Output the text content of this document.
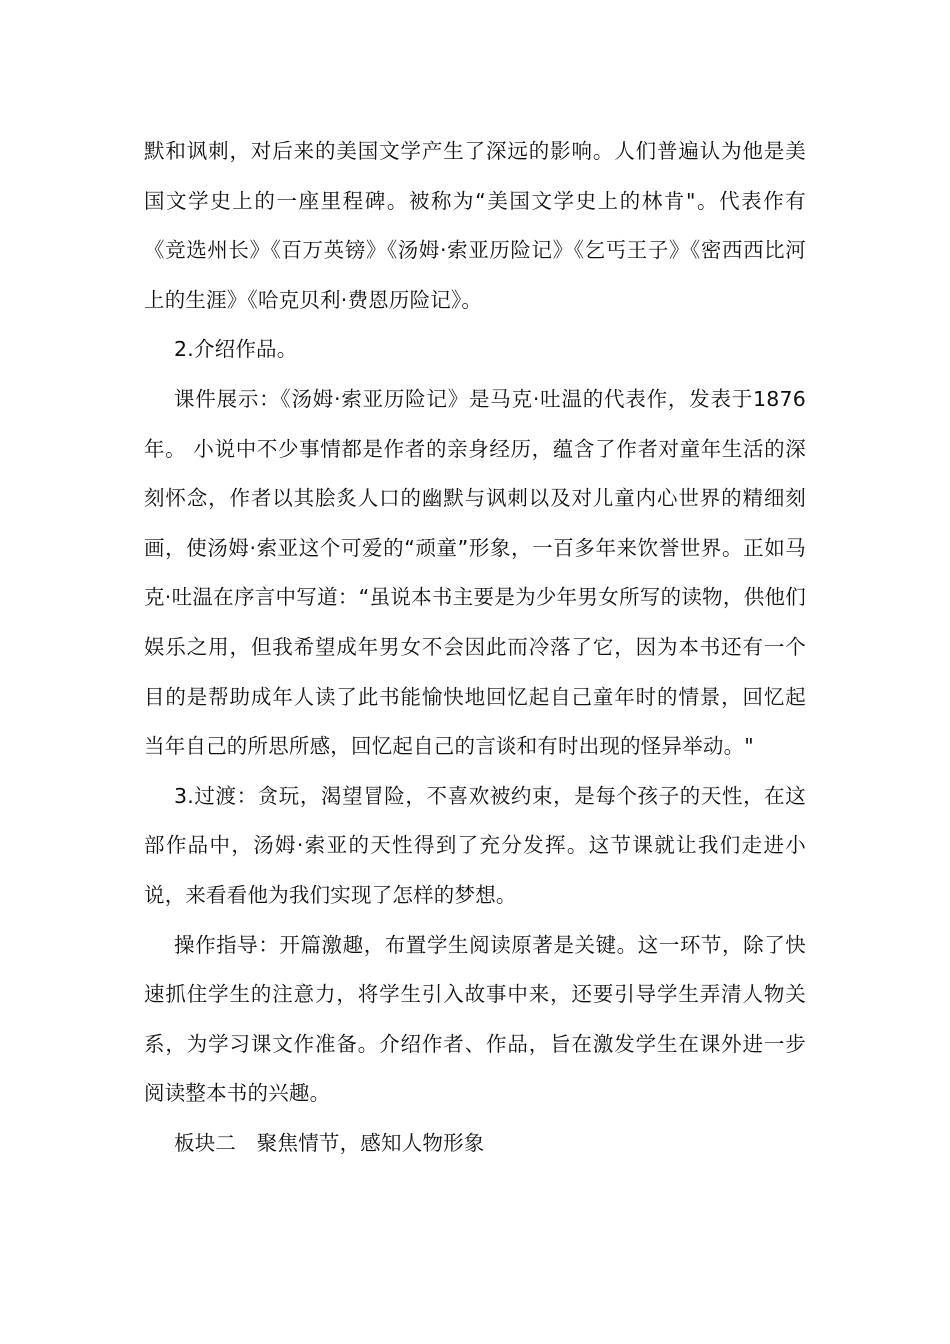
默和讽刺，对后来的美国文学产生了深远的影响。人们普遍认为他是美国文学史上的一座里程碑。被称为“美国文学史上的林肯"。代表作有《竞选州长》《百万英镑》《汤姆·索亚历险记》《乞丐王子》《密西西比河上的生涯》《哈克贝利·费恩历险记》。

2.介绍作品。

课件展示：《汤姆·索亚历险记》是马克·吐温的代表作，发表于1876年。 小说中不少事情都是作者的亲身经历，蕴含了作者对童年生活的深刻怀念，作者以其脍炙人口的幽默与讽刺以及对儿童内心世界的精细刻画，使汤姆·索亚这个可爱的“顽童”形象，一百多年来饮誉世界。正如马克·吐温在序言中写道：“虽说本书主要是为少年男女所写的读物，供他们娱乐之用，但我希望成年男女不会因此而冷落了它，因为本书还有一个目的是帮助成年人读了此书能愉快地回忆起自己童年时的情景，回忆起当年自己的所思所感，回忆起自己的言谈和有时出现的怪异举动。"

3.过渡：贪玩，渴望冒险，不喜欢被约束，是每个孩子的天性，在这部作品中，汤姆·索亚的天性得到了充分发挥。这节课就让我们走进小说，来看看他为我们实现了怎样的梦想。

操作指导：开篇激趣，布置学生阅读原著是关键。这一环节，除了快速抓住学生的注意力，将学生引入故事中来，还要引导学生弄清人物关系，为学习课文作准备。介绍作者、作品，旨在激发学生在课外进一步阅读整本书的兴趣。

板块二　聚焦情节，感知人物形象
